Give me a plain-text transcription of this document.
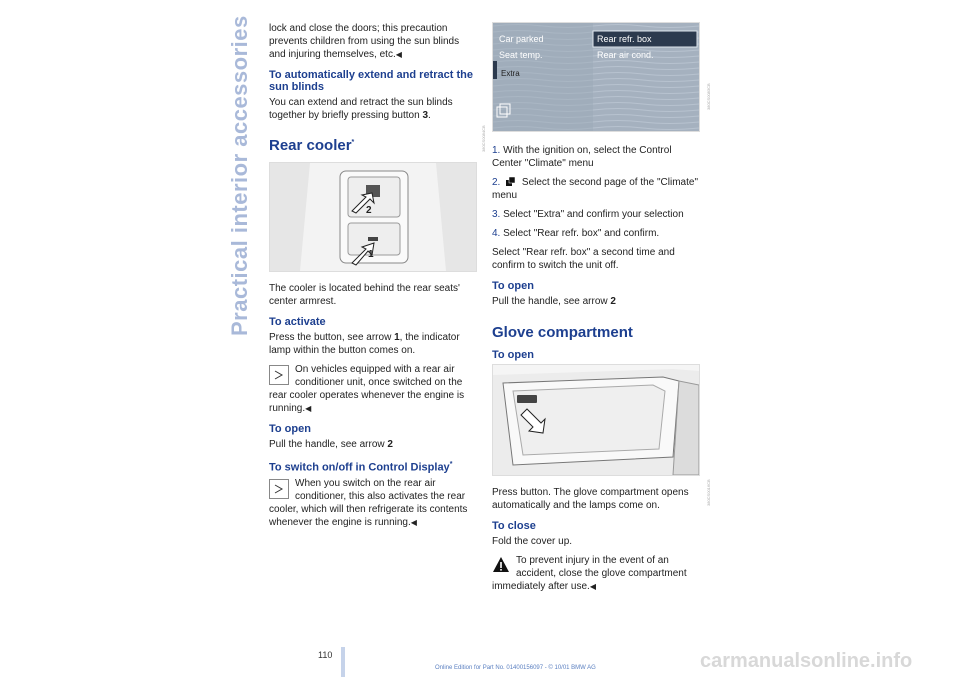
Practical interior accessories lock and close the doors; this precaution prevents children from using the sun blinds and injuring themselves, etc.◀

To automatically extend and retract the sun blinds

You can extend and retract the sun blinds together by briefly pressing button 3.

Rear cooler*
2
1
380CS0084CB

The cooler is located behind the rear seats' center armrest.

To activate

Press the button, see arrow 1, the indicator lamp within the button comes on.

On vehicles equipped with a rear air conditioner unit, once switched on the rear cooler operates whenever the engine is running.◀

To open

Pull the handle, see arrow 2

To switch on/off in Control Display*

When you switch on the rear air conditioner, this also activates the rear cooler, which will then refrigerate its contents whenever the engine is running.◀

Car parked
Seat temp.
Extra
Rear refr. box
Rear air cond.
380CS0083CB

1. With the ignition on, select the Control Center "Climate" menu

2. Select the second page of the "Climate" menu

3. Select "Extra" and confirm your selection

4. Select "Rear refr. box" and confirm.

Select "Rear refr. box" a second time and confirm to switch the unit off.

To open

Pull the handle, see arrow 2

Glove compartment
To open
380CS0016CB

Press button. The glove compartment opens automatically and the lamps come on.

To close

Fold the cover up.

To prevent injury in the event of an accident, close the glove compartment immediately after use.◀

110
Online Edition for Part No. 01400156097 - © 10/01 BMW AG	carmanualsonline.info
